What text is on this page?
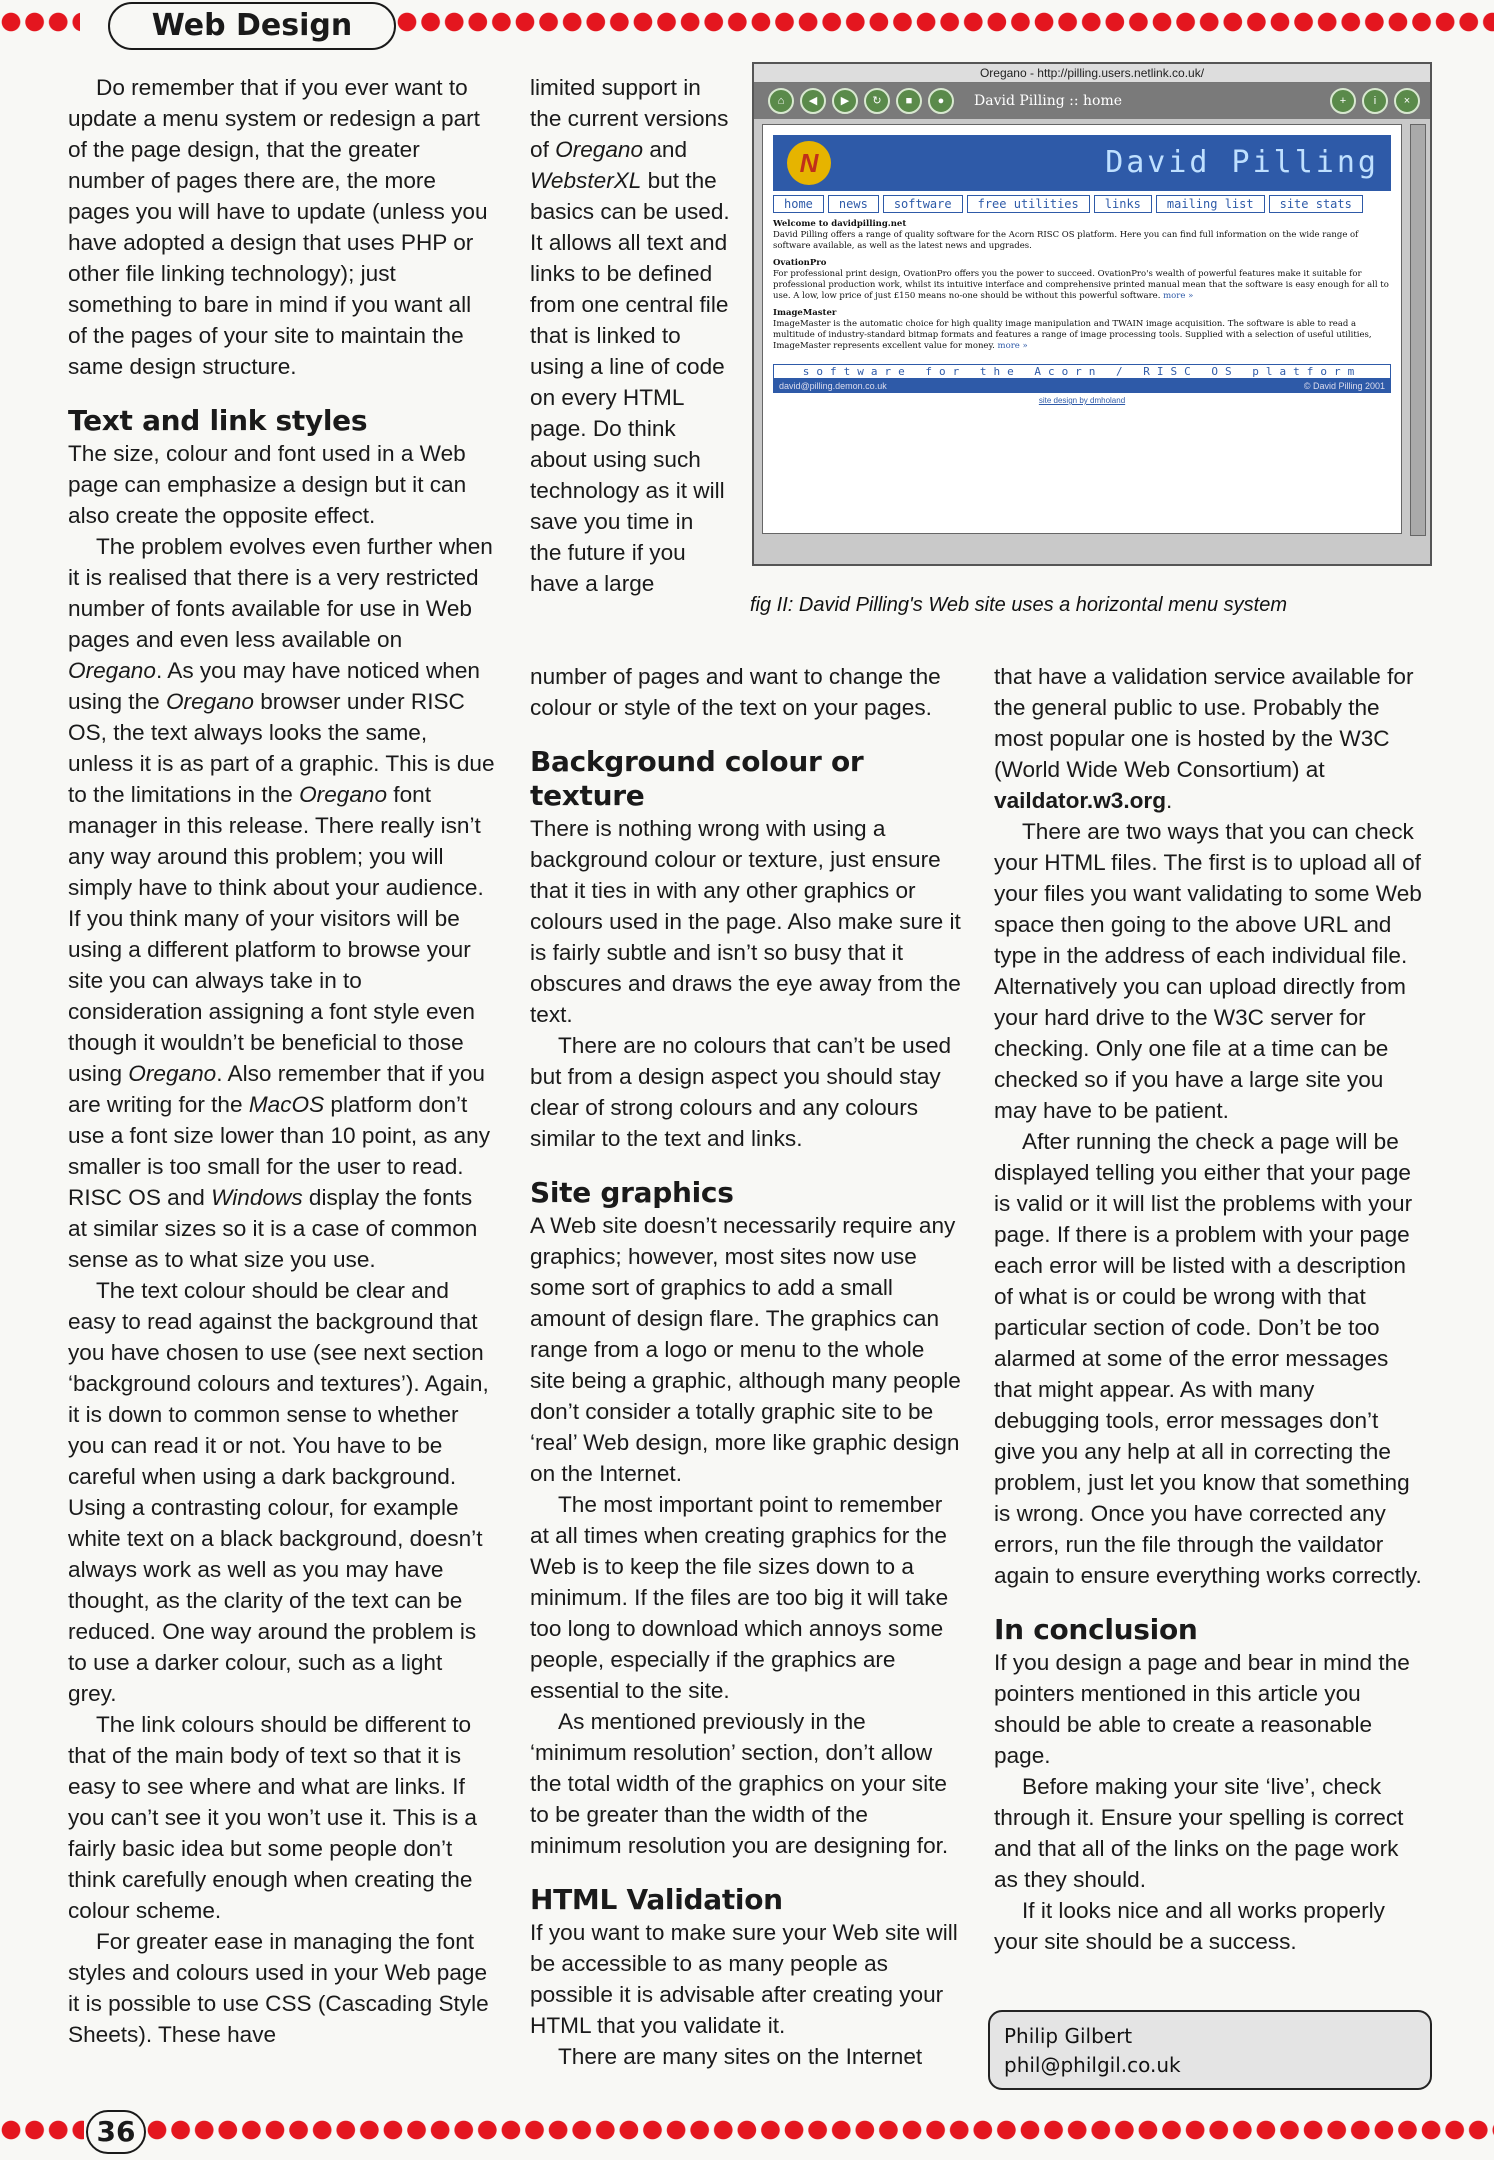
Web Design

Do remember that if you ever want to update a menu system or redesign a part of the page design, that the greater number of pages there are, the more pages you will have to update (unless you have adopted a design that uses PHP or other file linking technology); just something to bare in mind if you want all of the pages of your site to maintain the same design structure.

Text and link styles

The size, colour and font used in a Web page can emphasize a design but it can also create the opposite effect.

The problem evolves even further when it is realised that there is a very restricted number of fonts available for use in Web pages and even less available on Oregano. As you may have noticed when using the Oregano browser under RISC OS, the text always looks the same, unless it is as part of a graphic. This is due to the limitations in the Oregano font manager in this release. There really isn’t any way around this problem; you will simply have to think about your audience. If you think many of your visitors will be using a different platform to browse your site you can always take in to consideration assigning a font style even though it wouldn’t be beneficial to those using Oregano. Also remember that if you are writing for the MacOS platform don’t use a font size lower than 10 point, as any smaller is too small for the user to read. RISC OS and Windows display the fonts at similar sizes so it is a case of common sense as to what size you use.

The text colour should be clear and easy to read against the background that you have chosen to use (see next section ‘background colours and textures’). Again, it is down to common sense to whether you can read it or not. You have to be careful when using a dark background. Using a contrasting colour, for example white text on a black background, doesn’t always work as well as you may have thought, as the clarity of the text can be reduced. One way around the problem is to use a darker colour, such as a light grey.

The link colours should be different to that of the main body of text so that it is easy to see where and what are links. If you can’t see it you won’t use it. This is a fairly basic idea but some people don’t think carefully enough when creating the colour scheme.

For greater ease in managing the font styles and colours used in your Web page it is possible to use CSS (Cascading Style Sheets). These have

limited support in the current versions of Oregano and WebsterXL but the basics can be used. It allows all text and links to be defined from one central file that is linked to using a line of code on every HTML page. Do think about using such technology as it will save you time in the future if you have a large

Oregano - http://pilling.users.netlink.co.uk/
⌂	◀	▶	↻	■	●	David Pilling :: home	+	i	×
N	David Pilling
home	news	software	free utilities	links	mailing list	site stats
Welcome to davidpilling.net
David Pilling offers a range of quality software for the Acorn RISC OS platform. Here you can find full information on the wide range of software available, as well as the latest news and upgrades.
OvationPro
For professional print design, OvationPro offers you the power to succeed. OvationPro's wealth of powerful features make it suitable for professional production work, whilst its intuitive interface and comprehensive printed manual mean that the software is easy enough for all to use. A low, low price of just £150 means no-one should be without this powerful software. more »
ImageMaster
ImageMaster is the automatic choice for high quality image manipulation and TWAIN image acquisition. The software is able to read a multitude of industry-standard bitmap formats and features a range of image processing tools. Supplied with a selection of useful utilities, ImageMaster represents excellent value for money. more »
software for the Acorn / RISC OS platform
david@pilling.demon.co.uk	© David Pilling 2001
site design by dmholand
fig II: David Pilling's Web site uses a horizontal menu system

number of pages and want to change the colour or style of the text on your pages.

Background colour or texture

There is nothing wrong with using a background colour or texture, just ensure that it ties in with any other graphics or colours used in the page. Also make sure it is fairly subtle and isn’t so busy that it obscures and draws the eye away from the text.

There are no colours that can’t be used but from a design aspect you should stay clear of strong colours and any colours similar to the text and links.

Site graphics

A Web site doesn’t necessarily require any graphics; however, most sites now use some sort of graphics to add a small amount of design flare. The graphics can range from a logo or menu to the whole site being a graphic, although many people don’t consider a totally graphic site to be ‘real’ Web design, more like graphic design on the Internet.

The most important point to remember at all times when creating graphics for the Web is to keep the file sizes down to a minimum. If the files are too big it will take too long to download which annoys some people, especially if the graphics are essential to the site.

As mentioned previously in the ‘minimum resolution’ section, don’t allow the total width of the graphics on your site to be greater than the width of the minimum resolution you are designing for.

HTML Validation

If you want to make sure your Web site will be accessible to as many people as possible it is advisable after creating your HTML that you validate it.

There are many sites on the Internet

that have a validation service available for the general public to use. Probably the most popular one is hosted by the W3C (World Wide Web Consortium) at vaildator.w3.org.

There are two ways that you can check your HTML files. The first is to upload all of your files you want validating to some Web space then going to the above URL and type in the address of each individual file. Alternatively you can upload directly from your hard drive to the W3C server for checking. Only one file at a time can be checked so if you have a large site you may have to be patient.

After running the check a page will be displayed telling you either that your page is valid or it will list the problems with your page. If there is a problem with your page each error will be listed with a description of what is or could be wrong with that particular section of code. Don’t be too alarmed at some of the error messages that might appear. As with many debugging tools, error messages don’t give you any help at all in correcting the problem, just let you know that something is wrong. Once you have corrected any errors, run the file through the vaildator again to ensure everything works correctly.

In conclusion

If you design a page and bear in mind the pointers mentioned in this article you should be able to create a reasonable page.

Before making your site ‘live’, check through it. Ensure your spelling is correct and that all of the links on the page work as they should.

If it looks nice and all works properly your site should be a success.

Philip Gilbert
phil@philgil.co.uk
36
